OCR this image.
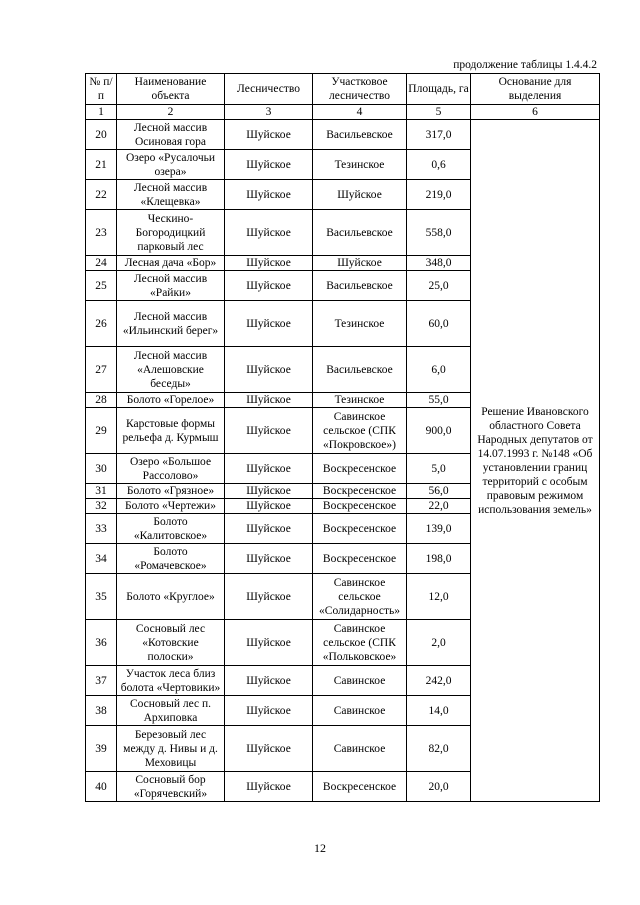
продолжение таблицы 1.4.4.2
№ п/п	Наименование объекта	Лесничество	Участковое лесничество	Площадь, га	Основание для выделения
1	2	3	4	5	6
20	Лесной массив Осиновая гора	Шуйское	Васильевское	317,0	Решение Ивановского областного Совета Народных депутатов от 14.07.1993 г. №148 «Об установлении границ территорий с особым правовым режимом использования земель»
21	Озеро «Русалочьи озера»	Шуйское	Тезинское	0,6	
22	Лесной массив «Клещевка»	Шуйское	Шуйское	219,0	
23	Ческино-Богородицкий парковый лес	Шуйское	Васильевское	558,0	
24	Лесная дача «Бор»	Шуйское	Шуйское	348,0	
25	Лесной массив «Райки»	Шуйское	Васильевское	25,0	
26	Лесной массив «Ильинский берег»	Шуйское	Тезинское	60,0	
27	Лесной массив «Алешовские беседы»	Шуйское	Васильевское	6,0	
28	Болото «Горелое»	Шуйское	Тезинское	55,0	
29	Карстовые формы рельефа д. Курмыш	Шуйское	Савинское сельское (СПК «Покровское»)	900,0	
30	Озеро «Большое Рассолово»	Шуйское	Воскресенское	5,0	
31	Болото «Грязное»	Шуйское	Воскресенское	56,0	
32	Болото «Чертежи»	Шуйское	Воскресенское	22,0	
33	Болото «Калитовское»	Шуйское	Воскресенское	139,0	
34	Болото «Ромачевское»	Шуйское	Воскресенское	198,0	
35	Болото «Круглое»	Шуйское	Савинское сельское «Солидарность»	12,0	
36	Сосновый лес «Котовские полоски»	Шуйское	Савинское сельское (СПК «Польковское»	2,0	
37	Участок леса близ болота «Чертовики»	Шуйское	Савинское	242,0	
38	Сосновый лес п. Архиповка	Шуйское	Савинское	14,0	
39	Березовый лес между д. Нивы и д. Меховицы	Шуйское	Савинское	82,0	
40	Сосновый бор «Горячевский»	Шуйское	Воскресенское	20,0	
12
